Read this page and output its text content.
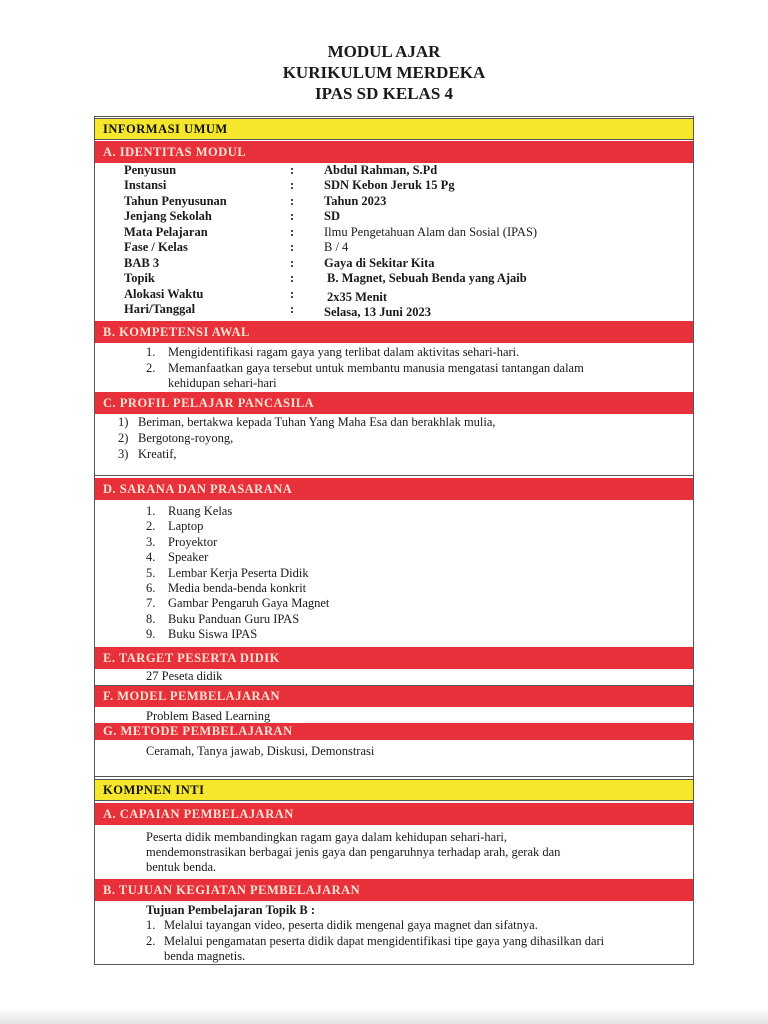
MODUL AJAR
KURIKULUM MERDEKA
IPAS SD KELAS 4
INFORMASI UMUM
A. IDENTITAS MODUL
Penyusun	: Abdul Rahman, S.Pd
Instansi	: SDN Kebon Jeruk 15 Pg
Tahun Penyusunan	: Tahun 2023
Jenjang Sekolah	: SD
Mata Pelajaran	: Ilmu Pengetahuan Alam dan Sosial (IPAS)
Fase / Kelas	: B / 4
BAB 3	: Gaya di Sekitar Kita
Topik	:	B. Magnet, Sebuah Benda yang Ajaib
Alokasi Waktu	:	2x35 Menit
Hari/Tanggal	: Selasa, 13 Juni 2023
B. KOMPETENSI AWAL
1. Mengidentifikasi ragam gaya yang terlibat dalam aktivitas sehari-hari.
2. Memanfaatkan gaya tersebut untuk membantu manusia mengatasi tantangan dalam
kehidupan sehari-hari
C. PROFIL PELAJAR PANCASILA
1) Beriman, bertakwa kepada Tuhan Yang Maha Esa dan berakhlak mulia,
2) Bergotong-royong,
3) Kreatif,
D. SARANA DAN PRASARANA
1. Ruang Kelas
2. Laptop
3. Proyektor
4. Speaker
5. Lembar Kerja Peserta Didik
6. Media benda-benda konkrit
7. Gambar Pengaruh Gaya Magnet
8. Buku Panduan Guru IPAS
9. Buku Siswa IPAS
E. TARGET PESERTA DIDIK
27 Peseta didik
F. MODEL PEMBELAJARAN
Problem Based Learning
G. METODE PEMBELAJARAN
Ceramah, Tanya jawab, Diskusi, Demonstrasi
KOMPNEN INTI
A. CAPAIAN PEMBELAJARAN
Peserta didik membandingkan ragam gaya dalam kehidupan sehari-hari,
mendemonstrasikan berbagai jenis gaya dan pengaruhnya terhadap arah, gerak dan
bentuk benda.
B. TUJUAN KEGIATAN PEMBELAJARAN
Tujuan Pembelajaran Topik B :
1. Melalui tayangan video, peserta didik mengenal gaya magnet dan sifatnya.
2. Melalui pengamatan peserta didik dapat mengidentifikasi tipe gaya yang dihasilkan dari
benda magnetis.
